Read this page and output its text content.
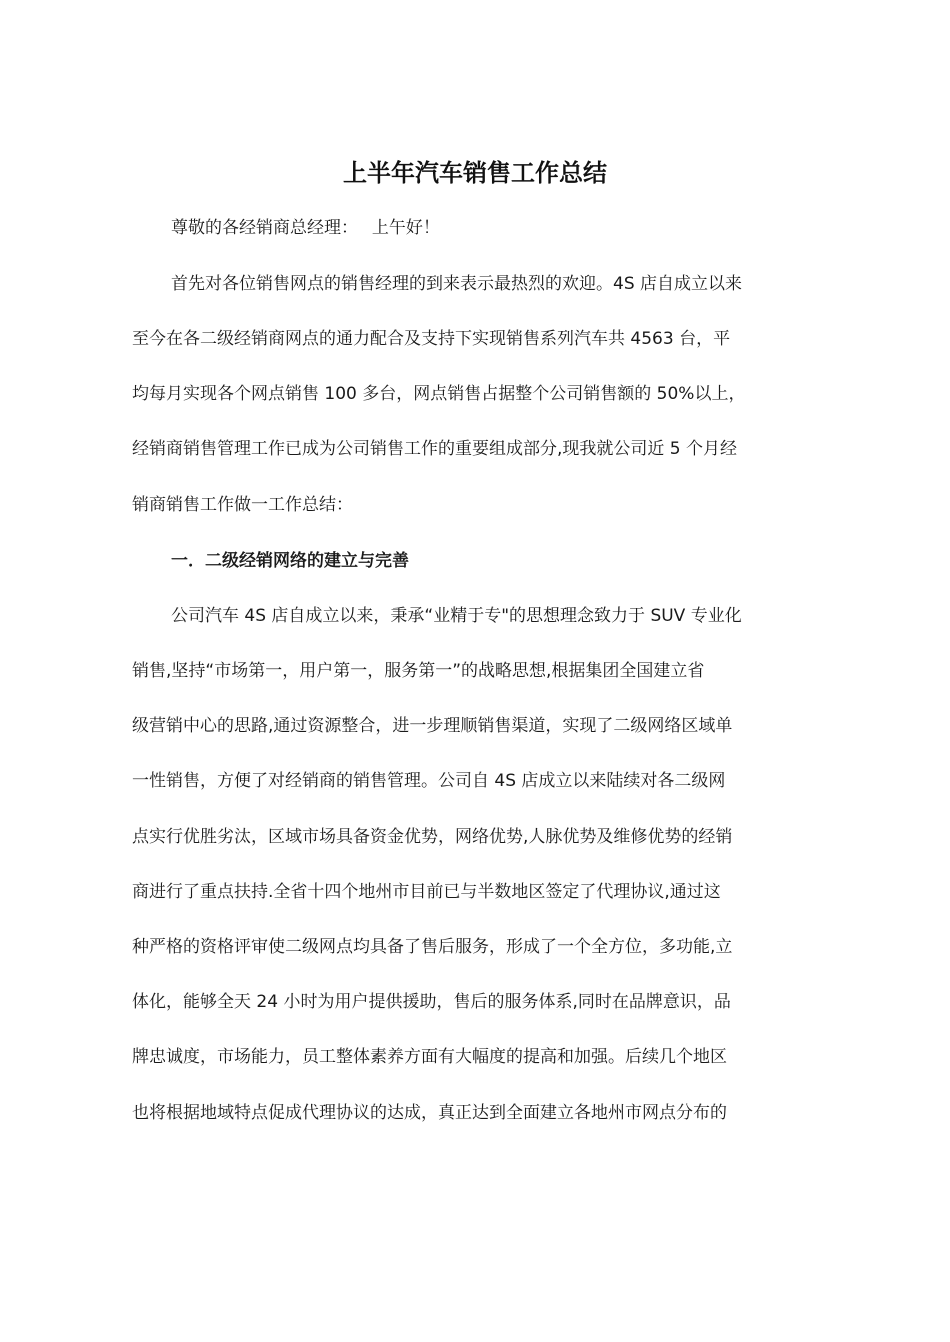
上半年汽车销售工作总结
尊敬的各经销商总经理：　 上午好！
首先对各位销售网点的销售经理的到来表示最热烈的欢迎。4S 店自成立以来
至今在各二级经销商网点的通力配合及支持下实现销售系列汽车共 4563 台，平
均每月实现各个网点销售 100 多台，网点销售占据整个公司销售额的 50%以上，
经销商销售管理工作已成为公司销售工作的重要组成部分,现我就公司近 5 个月经
销商销售工作做一工作总结：
一．二级经销网络的建立与完善
公司汽车 4S 店自成立以来，秉承“业精于专"的思想理念致力于 SUV 专业化
销售,坚持“市场第一，用户第一，服务第一”的战略思想,根据集团全国建立省
级营销中心的思路,通过资源整合，进一步理顺销售渠道，实现了二级网络区域单
一性销售，方便了对经销商的销售管理。公司自 4S 店成立以来陆续对各二级网
点实行优胜劣汰，区域市场具备资金优势，网络优势,人脉优势及维修优势的经销
商进行了重点扶持.全省十四个地州市目前已与半数地区签定了代理协议,通过这
种严格的资格评审使二级网点均具备了售后服务，形成了一个全方位，多功能,立
体化，能够全天 24 小时为用户提供援助，售后的服务体系,同时在品牌意识，品
牌忠诚度，市场能力，员工整体素养方面有大幅度的提高和加强。后续几个地区
也将根据地域特点促成代理协议的达成，真正达到全面建立各地州市网点分布的
